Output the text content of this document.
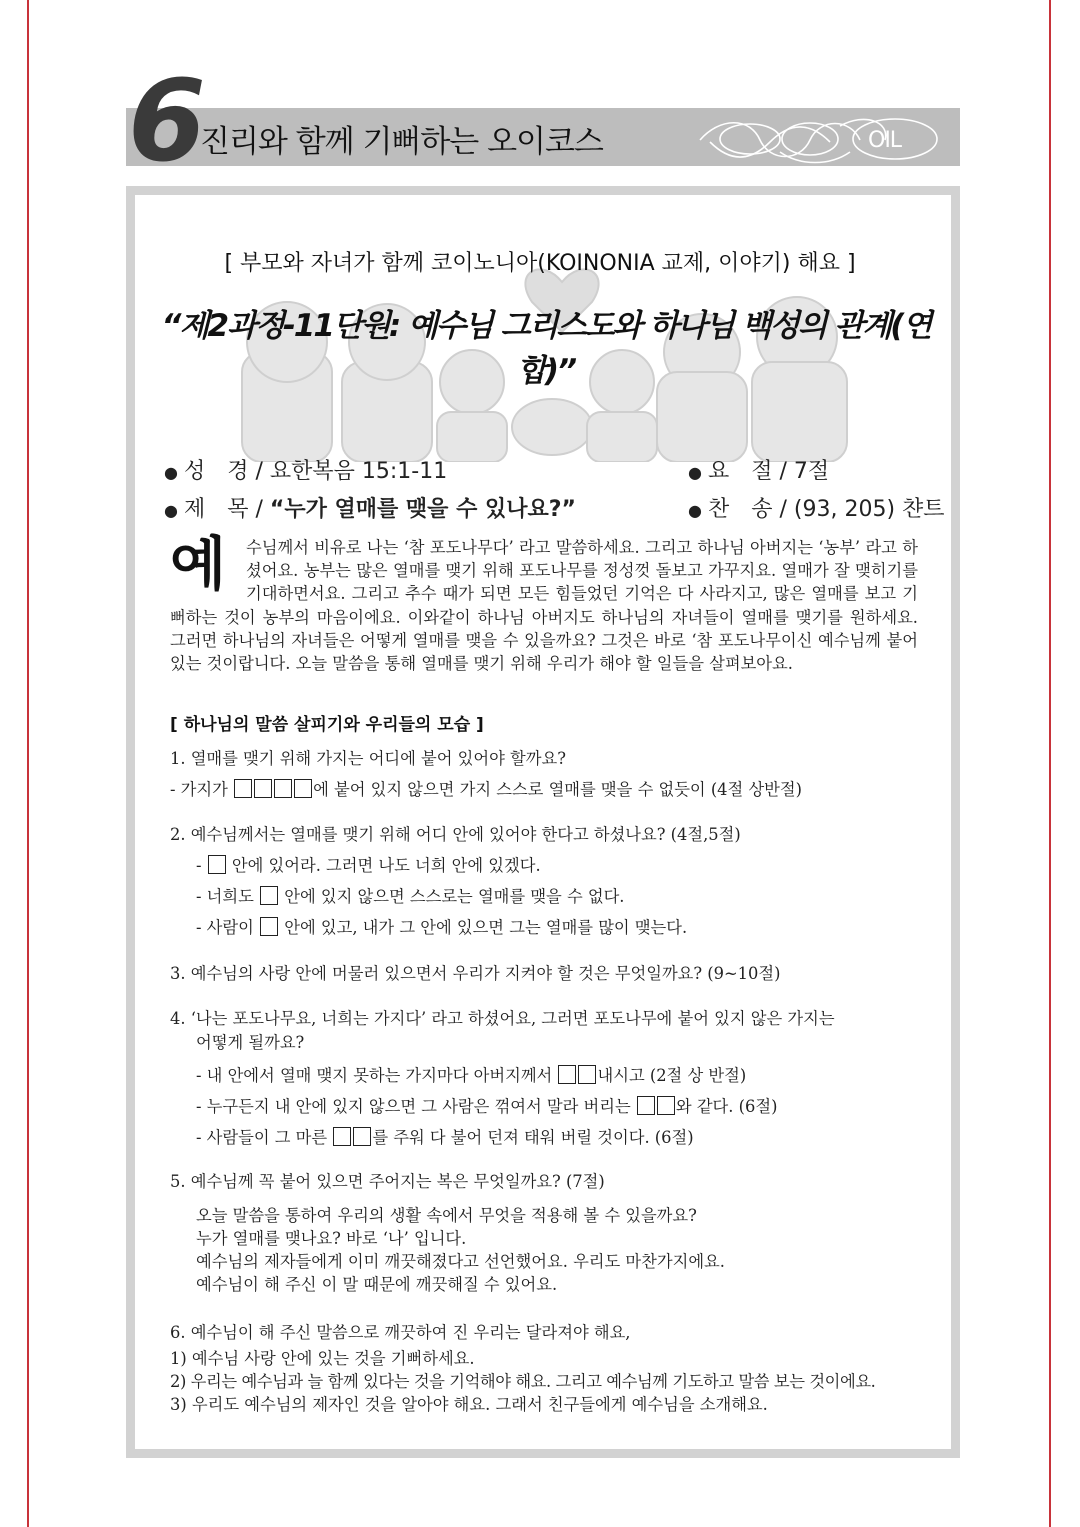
6
진리와 함께 기뻐하는 오이코스	OIL
[ 부모와 자녀가 함께 코이노니아(KOINONIA 교제, 이야기) 해요 ]
“제2과정-11단원: 예수님 그리스도와 하나님 백성의 관계(연합)”
● 성　경 / 요한복음 15:1-11	● 요　절 / 7절
● 제　목 / “누가 열매를 맺을 수 있나요?”	● 찬　송 / (93, 205) 챤트
예	수님께서 비유로 나는 ‘참 포도나무다’ 라고 말씀하세요. 그리고 하나님 아버지는 ‘농부’ 라고 하셨어요. 농부는 많은 열매를 맺기 위해 포도나무를 정성껏 돌보고 가꾸지요. 열매가 잘 맺히기를 기대하면서요. 그리고 추수 때가 되면 모든 힘들었던 기억은 다 사라지고, 많은 열매를 보고 기뻐하는 것이 농부의 마음이에요. 이와같이 하나님 아버지도 하나님의 자녀들이 열매를 맺기를 원하세요. 그러면 하나님의 자녀들은 어떻게 열매를 맺을 수 있을까요? 그것은 바로 ‘참 포도나무이신 예수님께 붙어 있는 것이랍니다. 오늘 말씀을 통해 열매를 맺기 위해 우리가 해야 할 일들을 살펴보아요.
[ 하나님의 말씀 살피기와 우리들의 모습 ]
1. 열매를 맺기 위해 가지는 어디에 붙어 있어야 할까요?
- 가지가	에 붙어 있지 않으면 가지 스스로 열매를 맺을 수 없듯이 (4절 상반절)
2. 예수님께서는 열매를 맺기 위해 어디 안에 있어야 한다고 하셨나요? (4절,5절)
- 안에 있어라. 그러면 나도 너희 안에 있겠다.
- 너희도 안에 있지 않으면 스스로는 열매를 맺을 수 없다.
- 사람이 안에 있고, 내가 그 안에 있으면 그는 열매를 많이 맺는다.
3. 예수님의 사랑 안에 머물러 있으면서 우리가 지켜야 할 것은 무엇일까요? (9~10절)
4. ‘나는 포도나무요, 너희는 가지다’ 라고 하셨어요, 그러면 포도나무에 붙어 있지 않은 가지는
어떻게 될까요?
- 내 안에서 열매 맺지 못하는 가지마다 아버지께서	내시고 (2절 상 반절)
- 누구든지 내 안에 있지 않으면 그 사람은 꺾여서 말라 버리는	와 같다. (6절)
- 사람들이 그 마른	를 주워 다 불어 던져 태워 버릴 것이다. (6절)
5. 예수님께 꼭 붙어 있으면 주어지는 복은 무엇일까요? (7절)
오늘 말씀을 통하여 우리의 생활 속에서 무엇을 적용해 볼 수 있을까요?
누가 열매를 맺나요? 바로 ‘나’ 입니다.
예수님의 제자들에게 이미 깨끗해졌다고 선언했어요. 우리도 마찬가지에요.
예수님이 해 주신 이 말 때문에 깨끗해질 수 있어요.
6. 예수님이 해 주신 말씀으로 깨끗하여 진 우리는 달라져야 해요,
1) 예수님 사랑 안에 있는 것을 기뻐하세요.
2) 우리는 예수님과 늘 함께 있다는 것을 기억해야 해요. 그리고 예수님께 기도하고 말씀 보는 것이에요.
3) 우리도 예수님의 제자인 것을 알아야 해요. 그래서 친구들에게 예수님을 소개해요.
